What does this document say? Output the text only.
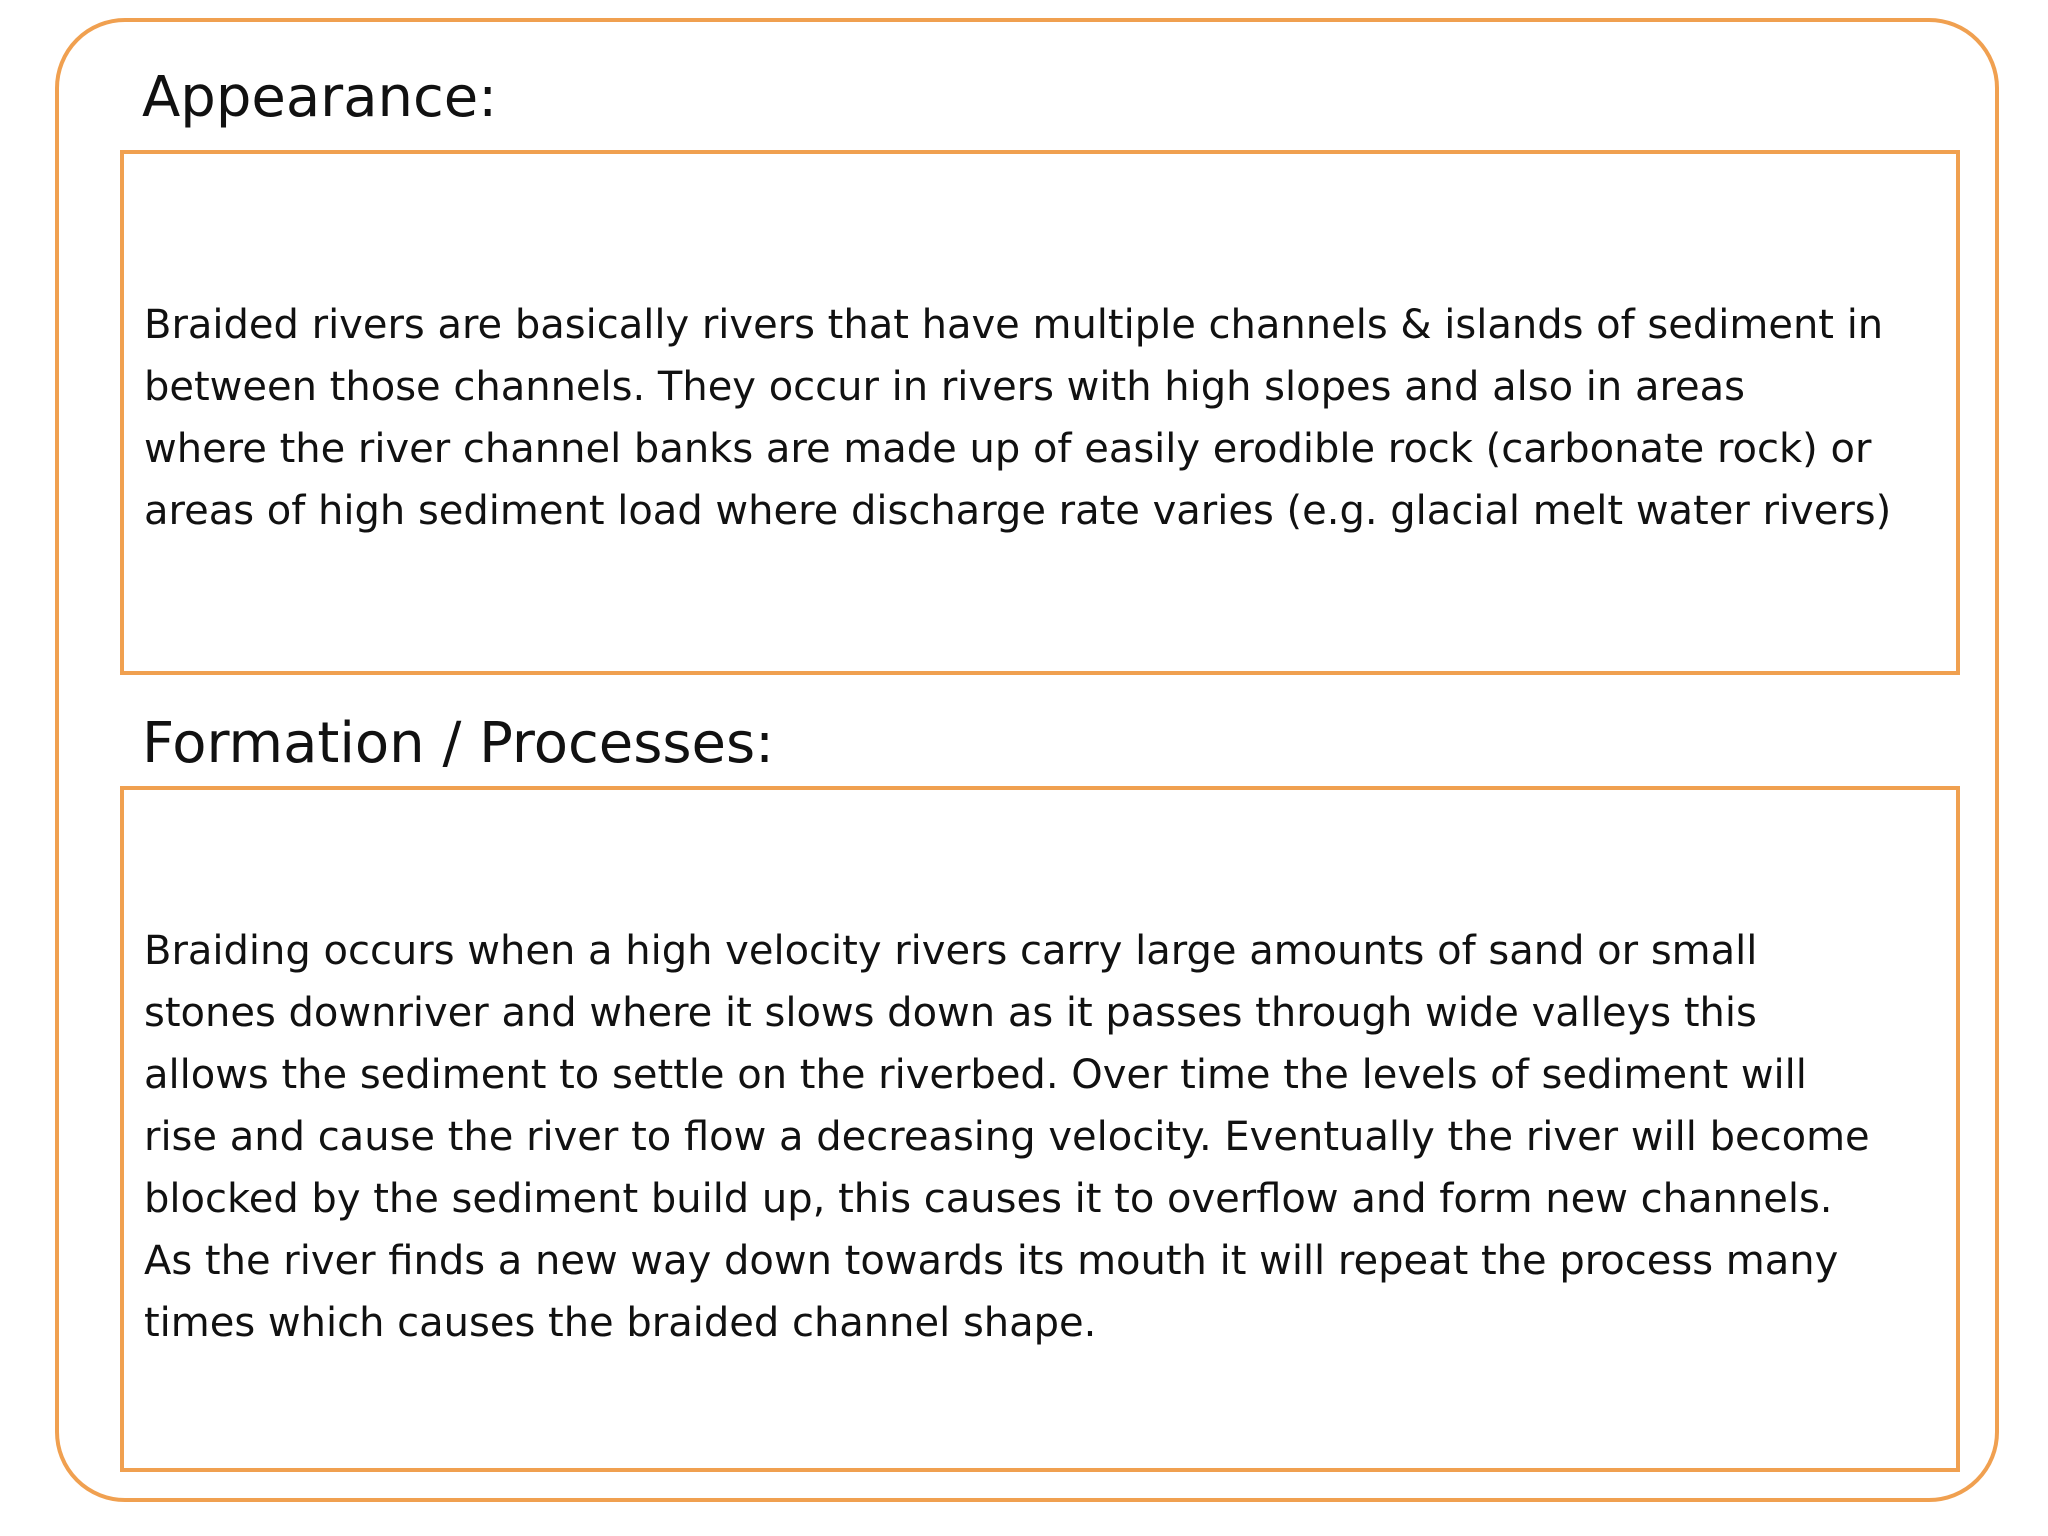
Appearance:

Braided rivers are basically rivers that have multiple channels & islands of sediment in
between those channels. They occur in rivers with high slopes and also in areas
where the river channel banks are made up of easily erodible rock (carbonate rock) or
areas of high sediment load where discharge rate varies (e.g. glacial melt water rivers)

Formation / Processes:

Braiding occurs when a high velocity rivers carry large amounts of sand or small
stones downriver and where it slows down as it passes through wide valleys this
allows the sediment to settle on the riverbed. Over time the levels of sediment will
rise and cause the river to flow a decreasing velocity. Eventually the river will become
blocked by the sediment build up, this causes it to overflow and form new channels.
As the river finds a new way down towards its mouth it will repeat the process many
times which causes the braided channel shape.
